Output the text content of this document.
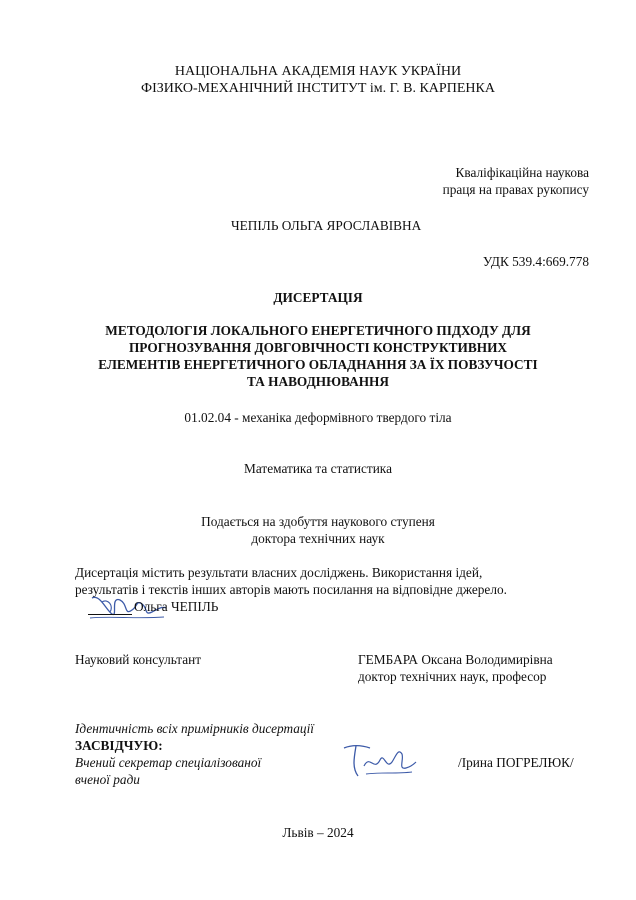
НАЦІОНАЛЬНА АКАДЕМІЯ НАУК УКРАЇНИ
ФІЗИКО-МЕХАНІЧНИЙ ІНСТИТУТ ім. Г. В. КАРПЕНКА
Кваліфікаційна наукова
праця на правах рукопису
ЧЕПІЛЬ ОЛЬГА ЯРОСЛАВІВНА
УДК 539.4:669.778
ДИСЕРТАЦІЯ
МЕТОДОЛОГІЯ ЛОКАЛЬНОГО ЕНЕРГЕТИЧНОГО ПІДХОДУ ДЛЯ
ПРОГНОЗУВАННЯ ДОВГОВІЧНОСТІ КОНСТРУКТИВНИХ
ЕЛЕМЕНТІВ ЕНЕРГЕТИЧНОГО ОБЛАДНАННЯ ЗА ЇХ ПОВЗУЧОСТІ
ТА НАВОДНЮВАННЯ
01.02.04 - механіка деформівного твердого тіла
Математика та статистика
Подається на здобуття наукового ступеня
доктора технічних наук
Дисертація містить результати власних досліджень. Використання ідей,
результатів і текстів інших авторів мають посилання на відповідне джерело.
Ольга ЧЕПІЛЬ
Науковий консультант	ГЕМБАРА Оксана Володимирівна
доктор технічних наук, професор
Ідентичність всіх примірників дисертації
ЗАСВІДЧУЮ:
Вчений секретар спеціалізованої
вченої ради
/Ірина ПОГРЕЛЮК/
Львів – 2024
